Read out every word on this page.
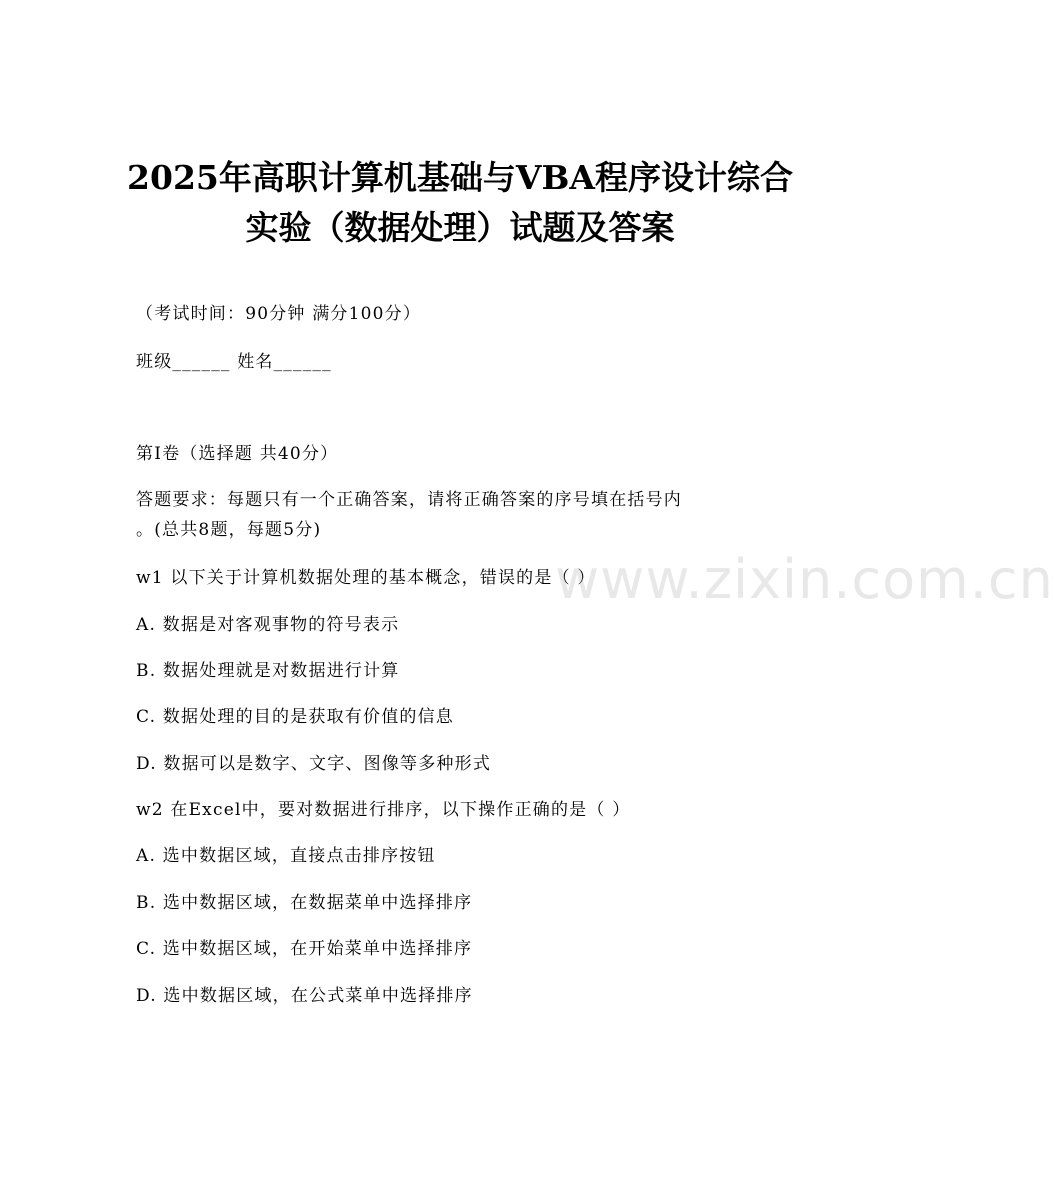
2025年高职计算机基础与VBA程序设计综合
实验（数据处理）试题及答案
（考试时间：90分钟 满分100分）
班级______ 姓名______
第Ⅰ卷（选择题 共40分）
答题要求：每题只有一个正确答案，请将正确答案的序号填在括号内
。(总共8题，每题5分)
w1 以下关于计算机数据处理的基本概念，错误的是（ ）
A. 数据是对客观事物的符号表示
B. 数据处理就是对数据进行计算
C. 数据处理的目的是获取有价值的信息
D. 数据可以是数字、文字、图像等多种形式
w2 在Excel中，要对数据进行排序，以下操作正确的是（ ）
A. 选中数据区域，直接点击排序按钮
B. 选中数据区域，在数据菜单中选择排序
C. 选中数据区域，在开始菜单中选择排序
D. 选中数据区域，在公式菜单中选择排序
www.zixin.com.cn
